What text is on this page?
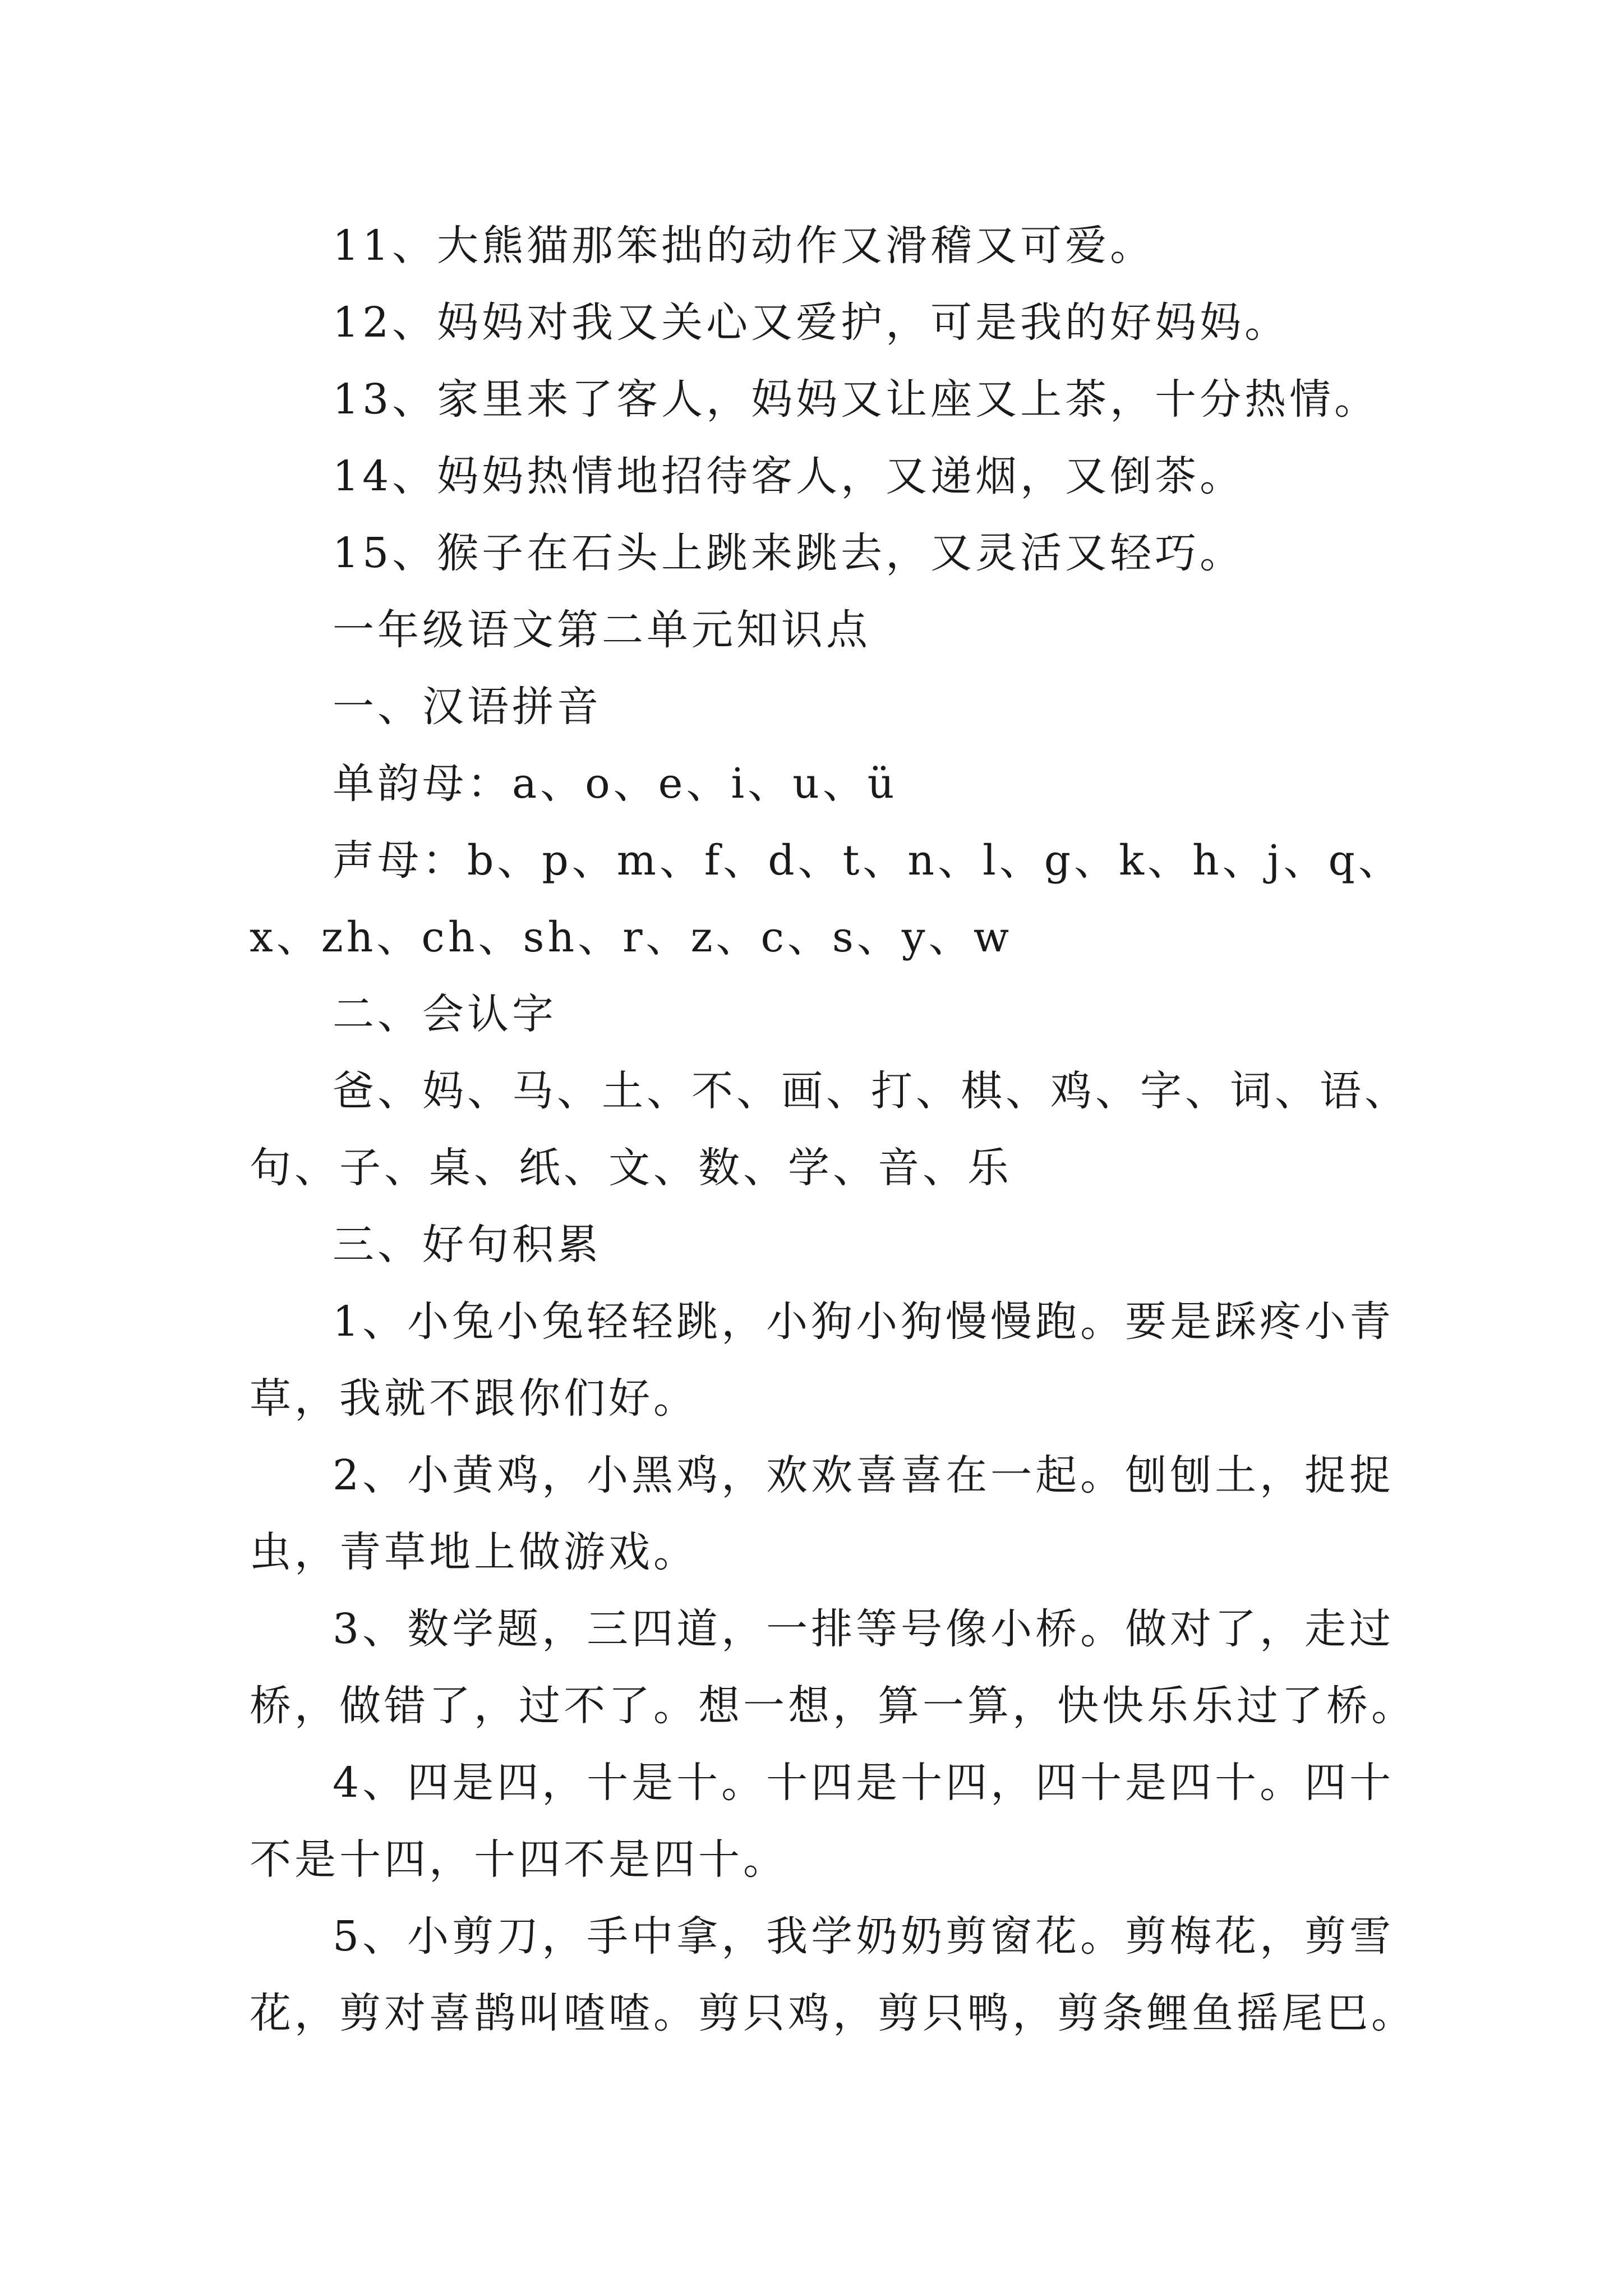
11、大熊猫那笨拙的动作又滑稽又可爱。

12、妈妈对我又关心又爱护，可是我的好妈妈。

13、家里来了客人，妈妈又让座又上茶，十分热情。

14、妈妈热情地招待客人，又递烟，又倒茶。

15、猴子在石头上跳来跳去，又灵活又轻巧。

一年级语文第二单元知识点

一、汉语拼音

单韵母：a、o、e、i、u、ü

声母：b、p、m、f、d、t、n、l、g、k、h、j、q、x、zh、ch、sh、r、z、c、s、y、w

二、会认字

爸、妈、马、土、不、画、打、棋、鸡、字、词、语、句、子、桌、纸、文、数、学、音、乐

三、好句积累

1、小兔小兔轻轻跳，小狗小狗慢慢跑。要是踩疼小青草，我就不跟你们好。

2、小黄鸡，小黑鸡，欢欢喜喜在一起。刨刨土，捉捉虫，青草地上做游戏。

3、数学题，三四道，一排等号像小桥。做对了，走过桥，做错了，过不了。想一想，算一算，快快乐乐过了桥。

4、四是四，十是十。十四是十四，四十是四十。四十不是十四，十四不是四十。

5、小剪刀，手中拿，我学奶奶剪窗花。剪梅花，剪雪花，剪对喜鹊叫喳喳。剪只鸡，剪只鸭，剪条鲤鱼摇尾巴。
